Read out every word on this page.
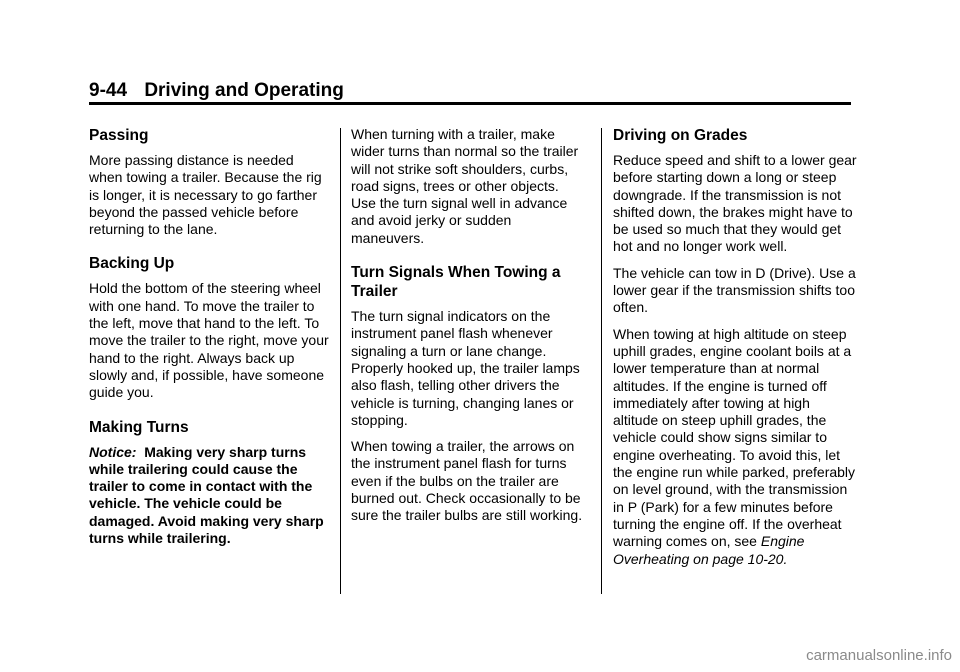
9-44 Driving and Operating
Passing

More passing distance is needed when towing a trailer. Because the rig is longer, it is necessary to go farther beyond the passed vehicle before returning to the lane.

Backing Up

Hold the bottom of the steering wheel with one hand. To move the trailer to the left, move that hand to the left. To move the trailer to the right, move your hand to the right. Always back up slowly and, if possible, have someone guide you.

Making Turns

Notice: Making very sharp turns while trailering could cause the trailer to come in contact with the vehicle. The vehicle could be damaged. Avoid making very sharp turns while trailering.

When turning with a trailer, make wider turns than normal so the trailer will not strike soft shoulders, curbs, road signs, trees or other objects. Use the turn signal well in advance and avoid jerky or sudden maneuvers.

Turn Signals When Towing a Trailer

The turn signal indicators on the instrument panel flash whenever signaling a turn or lane change. Properly hooked up, the trailer lamps also flash, telling other drivers the vehicle is turning, changing lanes or stopping.

When towing a trailer, the arrows on the instrument panel flash for turns even if the bulbs on the trailer are burned out. Check occasionally to be sure the trailer bulbs are still working.

Driving on Grades

Reduce speed and shift to a lower gear before starting down a long or steep downgrade. If the transmission is not shifted down, the brakes might have to be used so much that they would get hot and no longer work well.

The vehicle can tow in D (Drive). Use a lower gear if the transmission shifts too often.

When towing at high altitude on steep uphill grades, engine coolant boils at a lower temperature than at normal altitudes. If the engine is turned off immediately after towing at high altitude on steep uphill grades, the vehicle could show signs similar to engine overheating. To avoid this, let the engine run while parked, preferably on level ground, with the transmission in P (Park) for a few minutes before turning the engine off. If the overheat warning comes on, see Engine Overheating on page 10-20.

carmanualsonline.info
